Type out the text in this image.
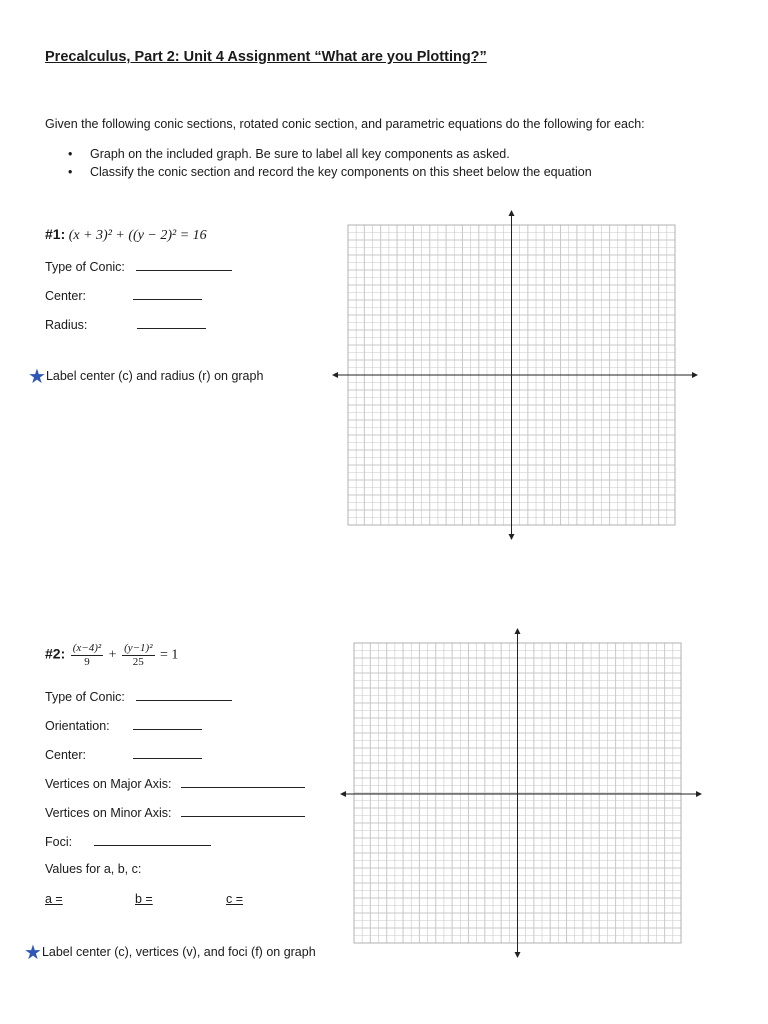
Precalculus, Part 2: Unit 4 Assignment “What are you Plotting?”
Given the following conic sections, rotated conic section, and parametric equations do the following for each:
• Graph on the included graph. Be sure to label all key components as asked.
• Classify the conic section and record the key components on this sheet below the equation
#1: (x + 3)² + ((y − 2)² = 16
Type of Conic:
Center:
Radius:
★Label center (c) and radius (r) on graph
#2: $\frac{\text{(x−4)²}}{9} + \frac{\text{(y−1)²}}{25} = 1$
Type of Conic:
Orientation:
Center:
Vertices on Major Axis:
Vertices on Minor Axis:
Foci:
Values for a, b, c:
a =	b =	c =
★Label center (c), vertices (v), and foci (f) on graph
